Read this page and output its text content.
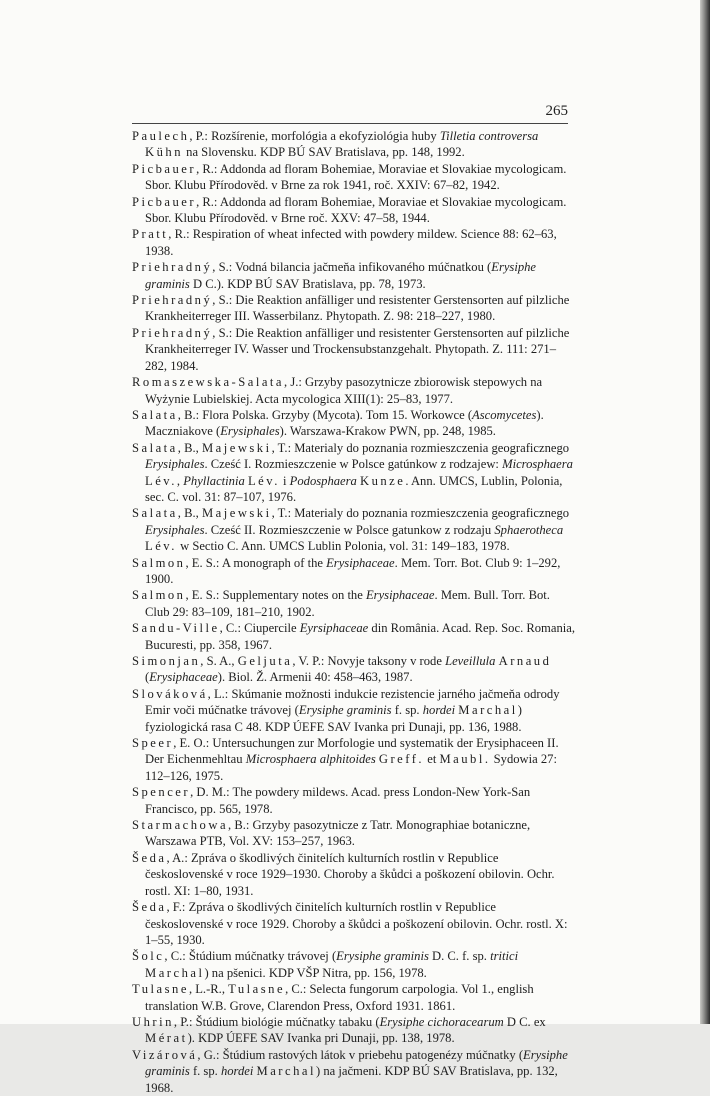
265
Paulech, P.: Rozšírenie, morfológia a ekofyziológia huby Tilletia controversa Kühn na Slovensku. KDP BÚ SAV Bratislava, pp. 148, 1992.
Picbauer, R.: Addonda ad floram Bohemiae, Moraviae et Slovakiae mycologicam. Sbor. Klubu Přírodověd. v Brne za rok 1941, roč. XXIV: 67–82, 1942.
Picbauer, R.: Addonda ad floram Bohemiae, Moraviae et Slovakiae mycologicam. Sbor. Klubu Přírodověd. v Brne roč. XXV: 47–58, 1944.
Pratt, R.: Respiration of wheat infected with powdery mildew. Science 88: 62–63, 1938.
Priehradný, S.: Vodná bilancia jačmeňa infikovaného múčnatkou (Erysiphe graminis D C.). KDP BÚ SAV Bratislava, pp. 78, 1973.
Priehradný, S.: Die Reaktion anfälliger und resistenter Gerstensorten auf pilzliche Krankheiterreger III. Wasserbilanz. Phytopath. Z. 98: 218–227, 1980.
Priehradný, S.: Die Reaktion anfälliger und resistenter Gerstensorten auf pilzliche Krankheiterreger IV. Wasser und Trockensubstanzgehalt. Phytopath. Z. 111: 271–282, 1984.
Romaszewska-Salata, J.: Grzyby pasozytnicze zbiorowisk stepowych na Wyżynie Lubielskiej. Acta mycologica XIII(1): 25–83, 1977.
Salata, B.: Flora Polska. Grzyby (Mycota). Tom 15. Workowce (Ascomycetes). Maczniakove (Erysiphales). Warszawa-Krakow PWN, pp. 248, 1985.
Salata, B., Majewski, T.: Materialy do poznania rozmieszczenia geograficznego Erysiphales. Cześć I. Rozmieszczenie w Polsce gatúnkow z rodzajew: Microsphaera Lév., Phyllactinia Lév. i Podosphaera Kunze. Ann. UMCS, Lublin, Polonia, sec. C. vol. 31: 87–107, 1976.
Salata, B., Majewski, T.: Materialy do poznania rozmieszczenia geograficznego Erysiphales. Cześć II. Rozmieszczenie w Polsce gatunkow z rodzaju Sphaerotheca Lév. w Sectio C. Ann. UMCS Lublin Polonia, vol. 31: 149–183, 1978.
Salmon, E. S.: A monograph of the Erysiphaceae. Mem. Torr. Bot. Club 9: 1–292, 1900.
Salmon, E. S.: Supplementary notes on the Erysiphaceae. Mem. Bull. Torr. Bot. Club 29: 83–109, 181–210, 1902.
Sandu-Ville, C.: Ciupercile Eyrsiphaceae din România. Acad. Rep. Soc. Romania, Bucuresti, pp. 358, 1967.
Simonjan, S. A., Geljuta, V. P.: Novyje taksony v rode Leveillula Arnaud (Erysiphaceae). Biol. Ž. Armenii 40: 458–463, 1987.
Slováková, L.: Skúmanie možnosti indukcie rezistencie jarného jačmeňa odrody Emir voči múčnatke trávovej (Erysiphe graminis f. sp. hordei Marchal) fyziologická rasa C 48. KDP ÚEFE SAV Ivanka pri Dunaji, pp. 136, 1988.
Speer, E. O.: Untersuchungen zur Morfologie und systematik der Erysiphaceen II. Der Eichenmehltau Microsphaera alphitoides Greff. et Maubl. Sydowia 27: 112–126, 1975.
Spencer, D. M.: The powdery mildews. Acad. press London-New York-San Francisco, pp. 565, 1978.
Starmachowa, B.: Grzyby pasozytnicze z Tatr. Monographiae botaniczne, Warszawa PTB, Vol. XV: 153–257, 1963.
Šeda, A.: Zpráva o škodlivých činitelích kulturních rostlin v Republice československé v roce 1929–1930. Choroby a škůdci a poškození obilovin. Ochr. rostl. XI: 1–80, 1931.
Šeda, F.: Zpráva o škodlivých činitelích kulturních rostlin v Republice československé v roce 1929. Choroby a škůdci a poškození obilovin. Ochr. rostl. X: 1–55, 1930.
Šolc, C.: Štúdium múčnatky trávovej (Erysiphe graminis D. C. f. sp. tritici Marchal) na pšenici. KDP VŠP Nitra, pp. 156, 1978.
Tulasne, L.-R., Tulasne, C.: Selecta fungorum carpologia. Vol 1., english translation W.B. Grove, Clarendon Press, Oxford 1931. 1861.
Uhrin, P.: Štúdium biológie múčnatky tabaku (Erysiphe cichoracearum D C. ex Mérat). KDP ÚEFE SAV Ivanka pri Dunaji, pp. 138, 1978.
Vizárová, G.: Štúdium rastových látok v priebehu patogenézy múčnatky (Erysiphe graminis f. sp. hordei Marchal) na jačmeni. KDP BÚ SAV Bratislava, pp. 132, 1968.
